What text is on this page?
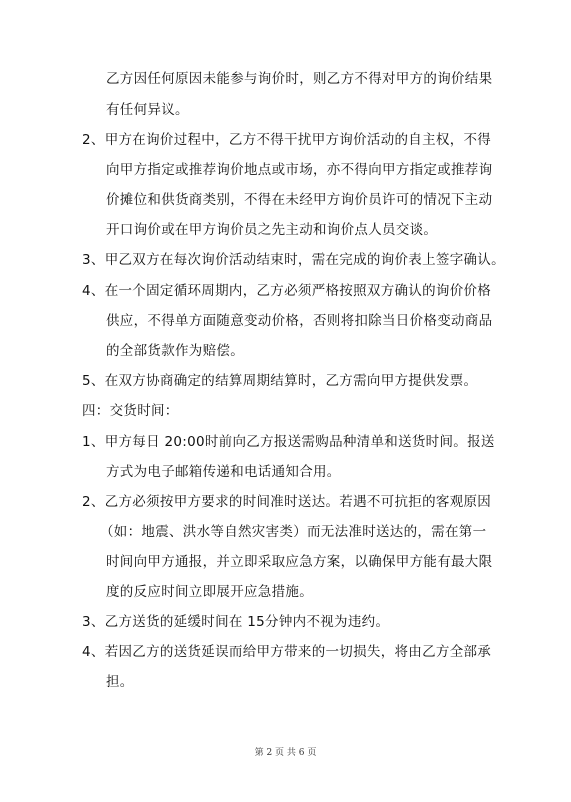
乙方因任何原因未能参与询价时，则乙方不得对甲方的询价结果
有任何异议。
2、甲方在询价过程中，乙方不得干扰甲方询价活动的自主权，不得
向甲方指定或推荐询价地点或市场，亦不得向甲方指定或推荐询
价摊位和供货商类别，不得在未经甲方询价员许可的情况下主动
开口询价或在甲方询价员之先主动和询价点人员交谈。
3、甲乙双方在每次询价活动结束时，需在完成的询价表上签字确认。
4、在一个固定循环周期内，乙方必须严格按照双方确认的询价价格
供应，不得单方面随意变动价格，否则将扣除当日价格变动商品
的全部货款作为赔偿。
5、在双方协商确定的结算周期结算时，乙方需向甲方提供发票。
四：交货时间：
1、甲方每日 20:00时前向乙方报送需购品种清单和送货时间。报送
方式为电子邮箱传递和电话通知合用。
2、乙方必须按甲方要求的时间准时送达。若遇不可抗拒的客观原因
（如：地震、洪水等自然灾害类）而无法准时送达的，需在第一
时间向甲方通报，并立即采取应急方案，以确保甲方能有最大限
度的反应时间立即展开应急措施。
3、乙方送货的延缓时间在 15分钟内不视为违约。
4、若因乙方的送货延误而给甲方带来的一切损失，将由乙方全部承
担。
第 2 页 共 6 页
